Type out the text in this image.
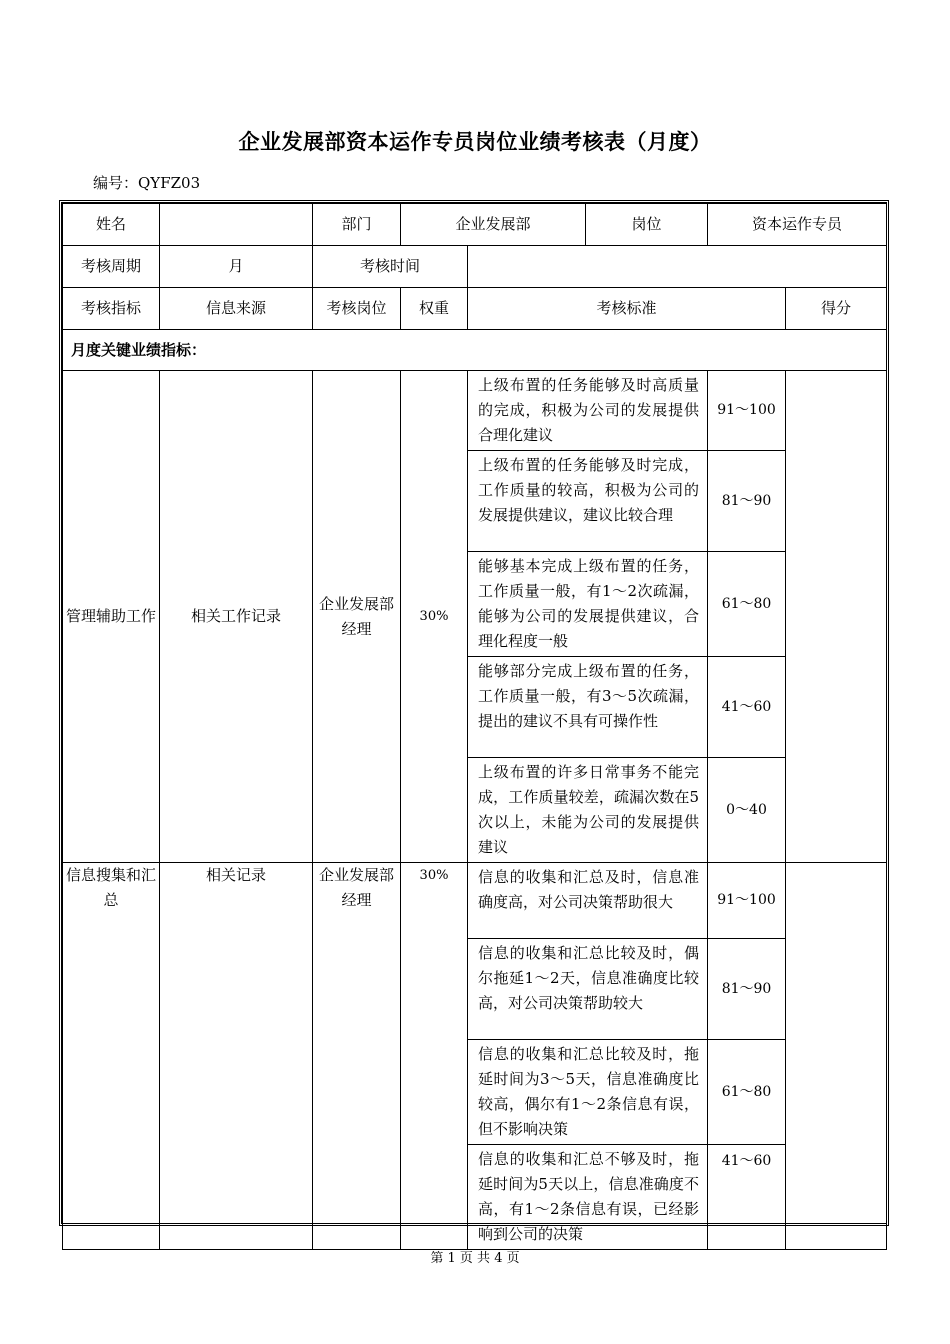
企业发展部资本运作专员岗位业绩考核表（月度）
编号：QYFZ03
姓名		部门	企业发展部		岗位	资本运作专员	
考核周期	月	考核时间					
考核指标	信息来源	考核岗位	权重	考核标准			得分
月度关键业绩指标：							
管理辅助工作	相关工作记录	企业发展部经理	30%	上级布置的任务能够及时高质量的完成，积极为公司的发展提供合理化建议		91～100	
				上级布置的任务能够及时完成，工作质量的较高，积极为公司的发展提供建议，建议比较合理		81～90	
				能够基本完成上级布置的任务，工作质量一般，有1～2次疏漏，能够为公司的发展提供建议，合理化程度一般		61～80	
				能够部分完成上级布置的任务，工作质量一般，有3～5次疏漏，提出的建议不具有可操作性		41～60	
				上级布置的许多日常事务不能完成，工作质量较差，疏漏次数在5次以上，未能为公司的发展提供建议		0～40	
信息搜集和汇总	相关记录	企业发展部经理	30%	信息的收集和汇总及时，信息准确度高，对公司决策帮助很大		91～100	
				信息的收集和汇总比较及时，偶尔拖延1～2天，信息准确度比较高，对公司决策帮助较大		81～90	
				信息的收集和汇总比较及时，拖延时间为3～5天，信息准确度比较高，偶尔有1～2条信息有误，但不影响决策		61～80	
				信息的收集和汇总不够及时，拖延时间为5天以上，信息准确度不高，有1～2条信息有误，已经影响到公司的决策		41～60	
第 1 页 共 4 页
